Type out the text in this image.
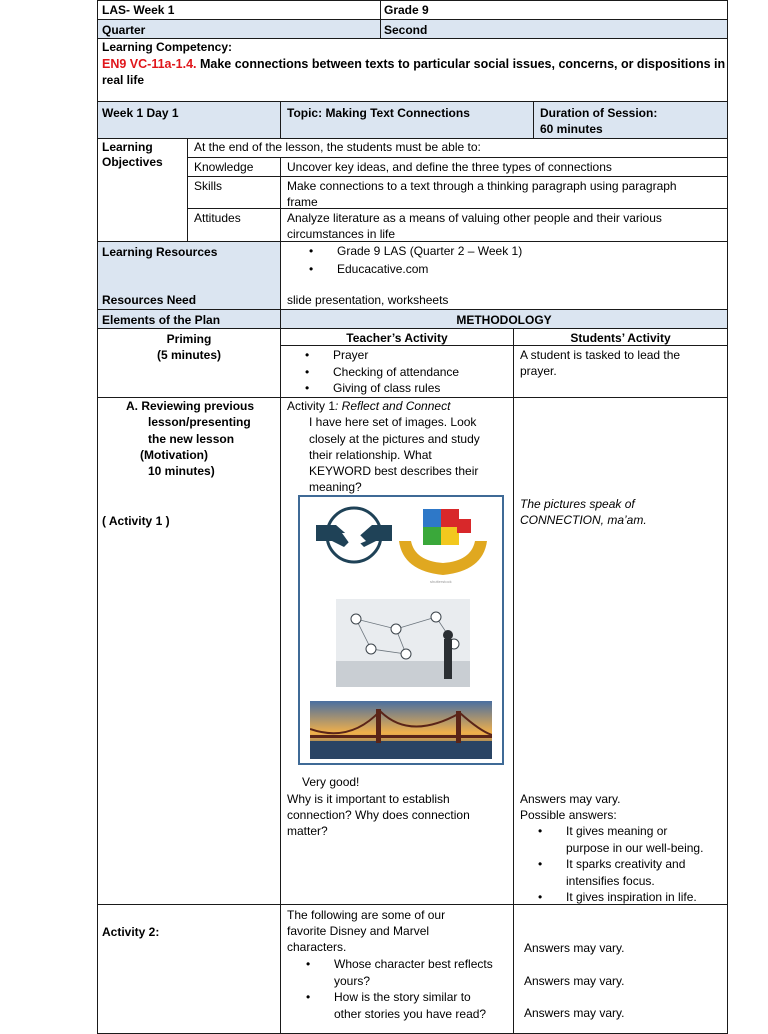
LAS- Week 1	Grade 9
Quarter	Second
Learning Competency:
EN9 VC-11a-1.4. Make connections between texts to particular social issues, concerns, or dispositions in
real life
Week 1 Day 1	Topic: Making Text Connections	Duration of Session:
60 minutes
Learning
Objectives
At the end of the lesson, the students must be able to:
Knowledge	Uncover key ideas, and define the three types of connections
Skills	Make connections to a text through a thinking paragraph using paragraph
frame
Attitudes	Analyze literature as a means of valuing other people and their various
circumstances in life
Learning Resources
•	Grade 9 LAS (Quarter 2 – Week 1)
• Educacative.com
Resources Need	slide presentation, worksheets
Elements of the Plan	METHODOLOGY
Priming
(5 minutes)
Teacher’s Activity	Students’ Activity
• Prayer
• Checking of attendance
• Giving of class rules
A student is tasked to lead the
prayer.
A. Reviewing previous
lesson/presenting
the new lesson
(Motivation)
10 minutes)
( Activity 1 )
Activity 1: Reflect and Connect
I have here set of images. Look
closely at the pictures and study
their relationship. What
KEYWORD best describes their
meaning?
shutterstock
The pictures speak of
CONNECTION, ma’am.
Very good!
Why is it important to establish
connection? Why does connection
matter?
Answers may vary.
Possible answers:
• It gives meaning or
purpose in our well-being.
• It sparks creativity and
intensifies focus.
• It gives inspiration in life.
Activity 2:
The following are some of our
favorite Disney and Marvel
characters.
• Whose character best reflects
yours?
• How is the story similar to
other stories you have read?
Answers may vary.
Answers may vary.
Answers may vary.
